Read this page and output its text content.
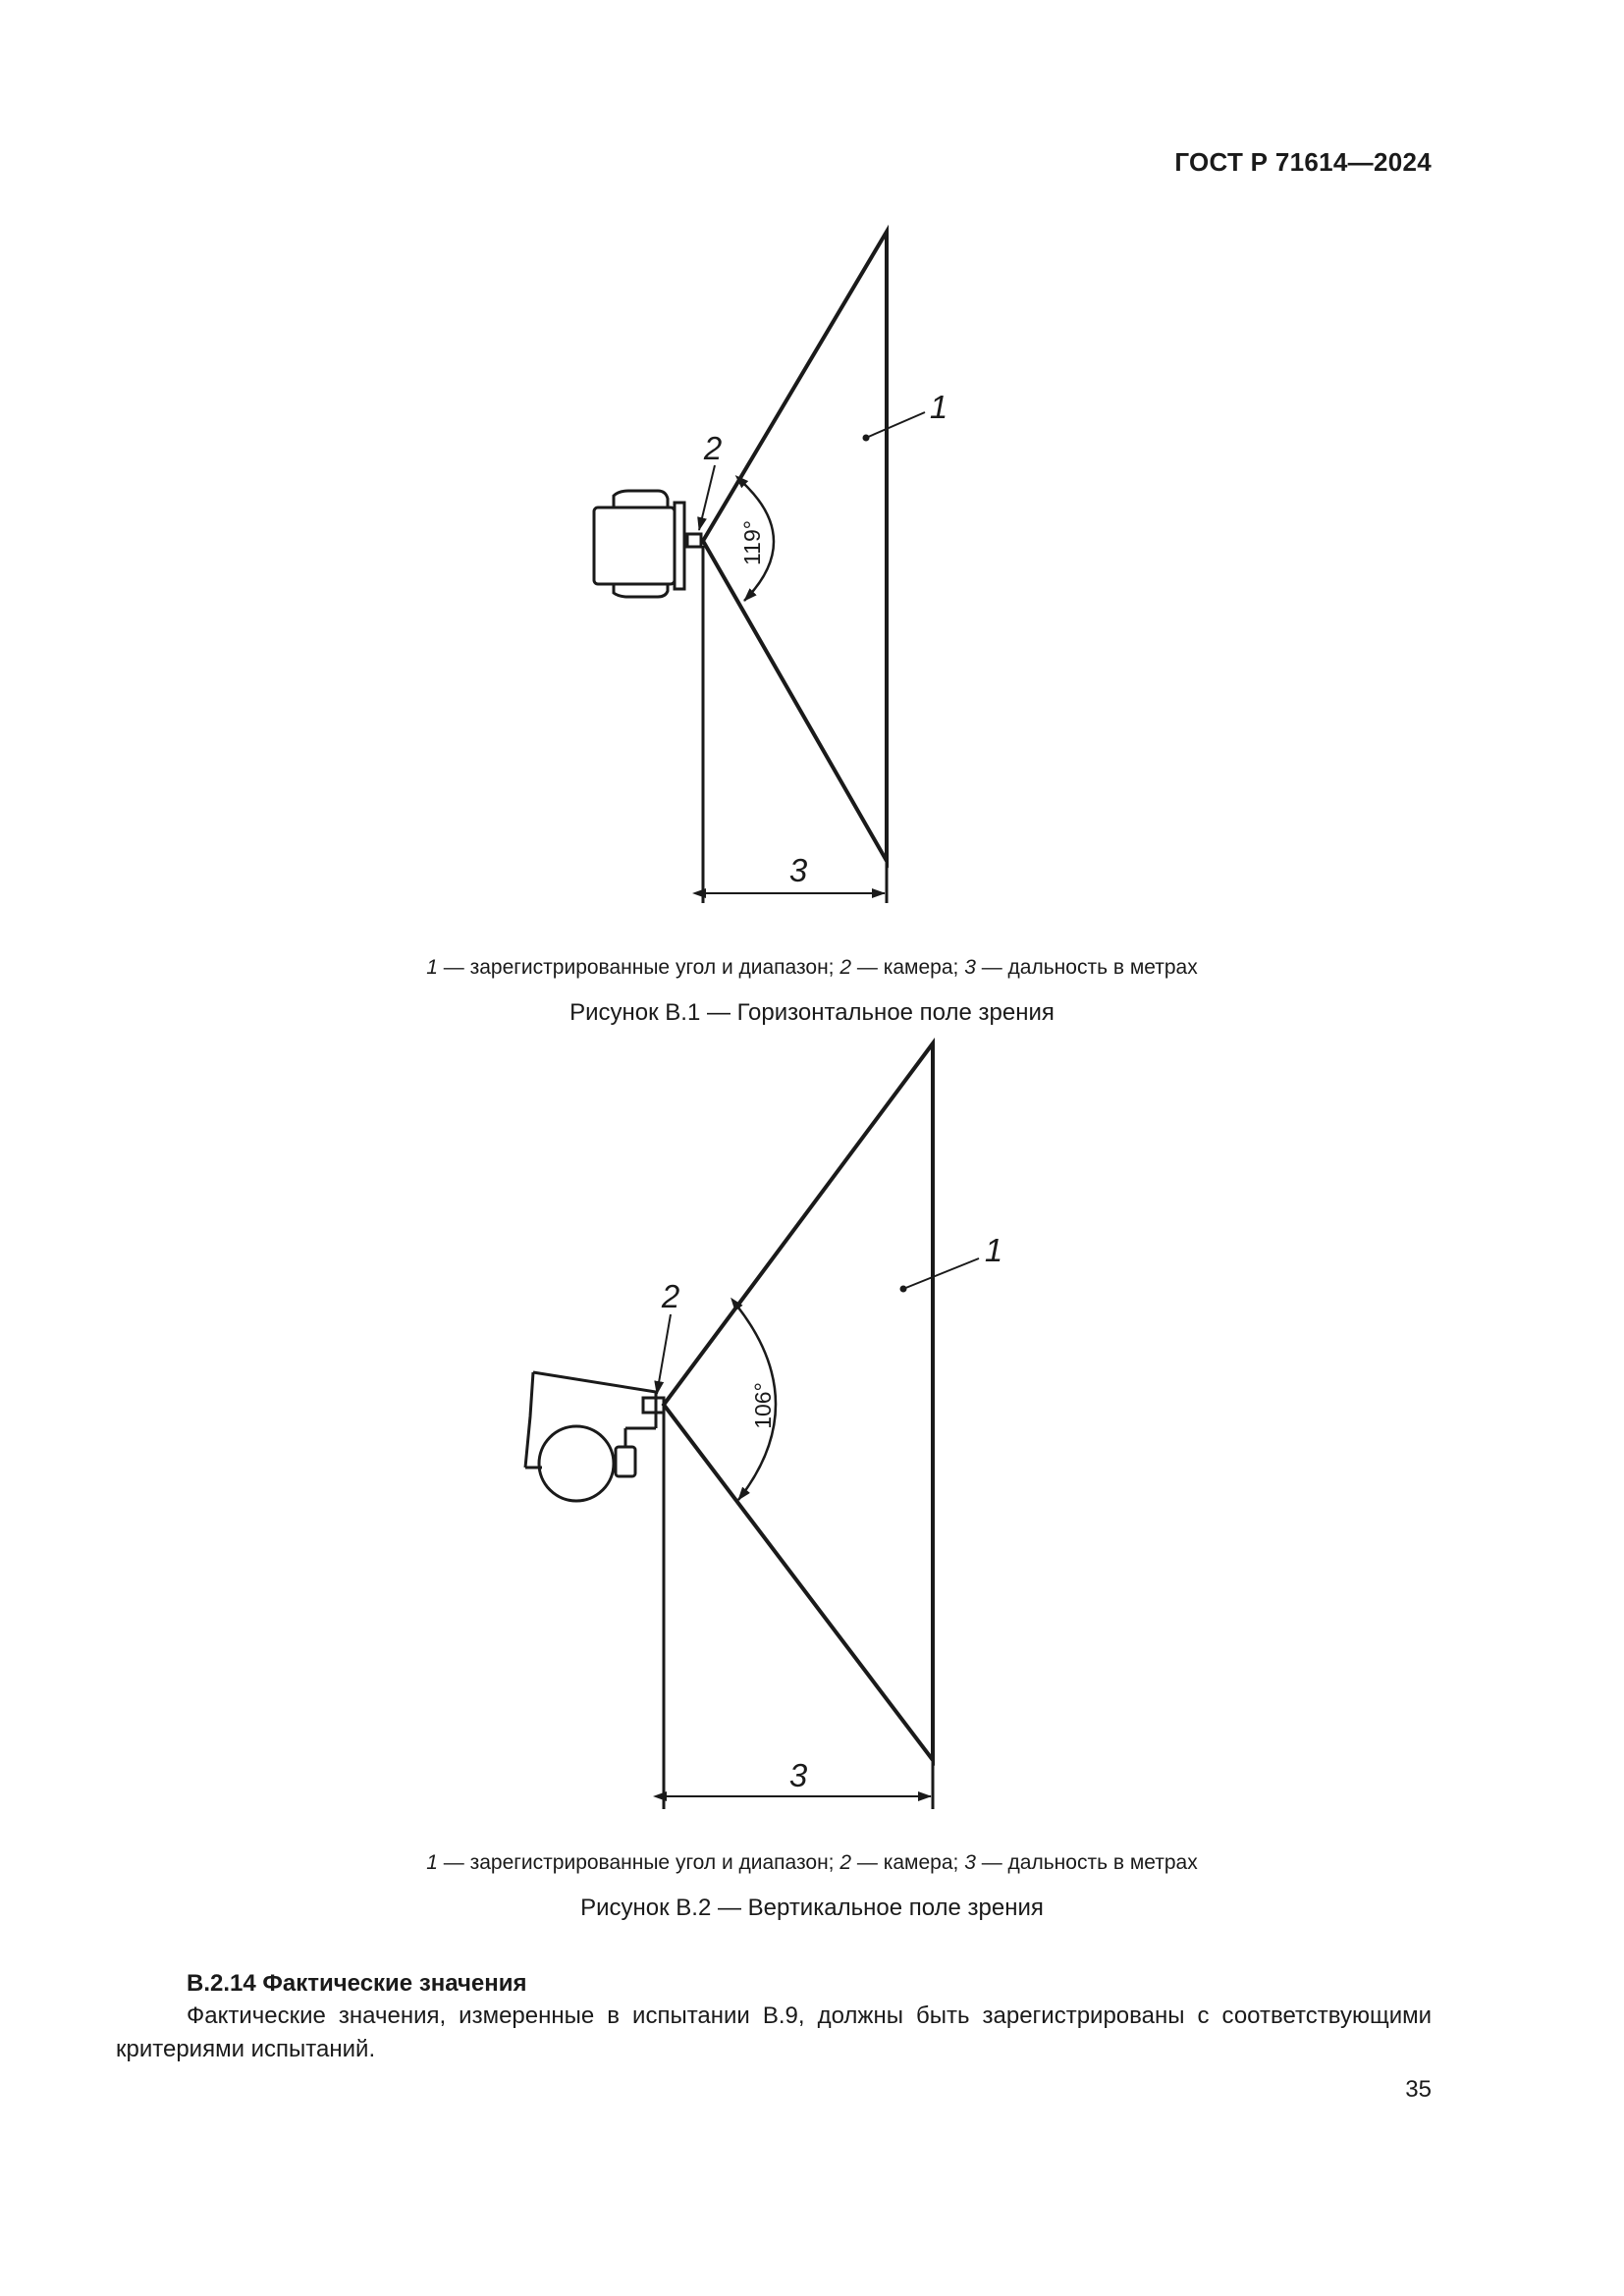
ГОСТ Р 71614—2024
3
119°
2
1
1 — зарегистрированные угол и диапазон; 2 — камера; 3 — дальность в метрах
Рисунок В.1 — Горизонтальное поле зрения
3
106°
2
1
1 — зарегистрированные угол и диапазон; 2 — камера; 3 — дальность в метрах
Рисунок В.2 — Вертикальное поле зрения
В.2.14 Фактические значения
Фактические значения, измеренные в испытании В.9, должны быть зарегистрированы с соответствующими критериями испытаний.
35
